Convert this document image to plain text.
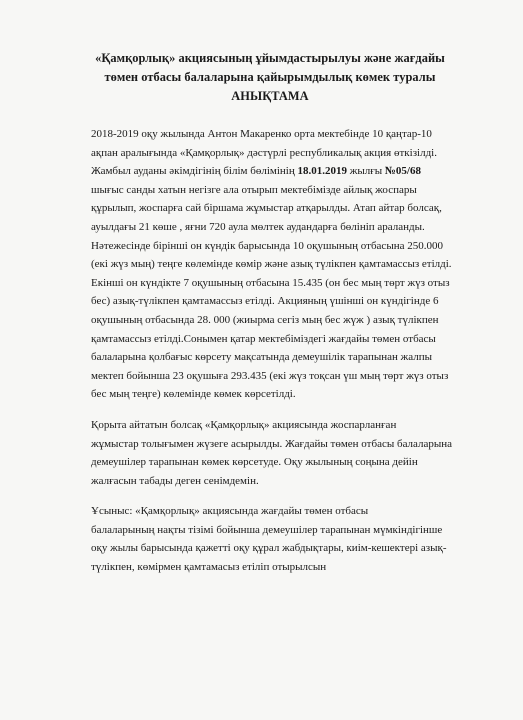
«Қамқорлық» акциясының ұйымдастырылуы және жағдайы
төмен отбасы балаларына қайырымдылық көмек туралы
АНЫҚТАМА
2018-2019 оқу жылында Антон Макаренко орта мектебінде 10 қаңтар-10
ақпан аралығында «Қамқорлық» дәстүрлі республикалық акция өткізілді.
Жамбыл ауданы әкімдігінің білім бөлімінің 18.01.2019 жылғы №05/68
шығыс санды хатын негізге ала отырып мектебімізде айлық жоспары
құрылып, жоспарға сай біршама жұмыстар атқарылды. Атап айтар болсақ,
ауылдағы 21 көше , яғни 720 аула мөлтек аудандарға бөлініп араланды.
Нәтежесінде бірінші он күндік барысында 10 оқушының отбасына 250.000
(екі жүз мың) теңге көлемінде көмір және азық түлікпен қамтамассыз етілді.
Екінші он күндікте 7 оқушының отбасына 15.435 (он бес мың төрт жүз отыз
бес) азық-түлікпен қамтамассыз етілді. Акцияның үшінші он күндігінде 6
оқушының отбасында 28. 000 (жиырма сегіз мың бес жүж ) азық түлікпен
қамтамассыз етілді.Сонымен қатар мектебіміздегі жағдайы төмен отбасы
балаларына қолбағыс көрсету мақсатында демеушілік тарапынан жалпы
мектеп бойынша 23 оқушыға 293.435 (екі жүз тоқсан үш мың төрт жүз отыз
бес мың теңге) көлемінде көмек көрсетілді.
Қорыта айтатын болсақ «Қамқорлық» акциясында жоспарланған
жұмыстар толығымен жүзеге асырылды. Жағдайы төмен отбасы балаларына
демеушілер тарапынан көмек көрсетуде. Оқу жылының соңына дейін
жалғасын табады деген сенімдемін.
Ұсыныс: «Қамқорлық» акциясында жағдайы төмен отбасы
балаларының нақты тізімі бойынша демеушілер тарапынан мүмкіндігінше
оқу жылы барысында қажетті оқу құрал жабдықтары, киім-кешектері азық-
түлікпен, көмірмен қамтамасыз етіліп отырылсын
